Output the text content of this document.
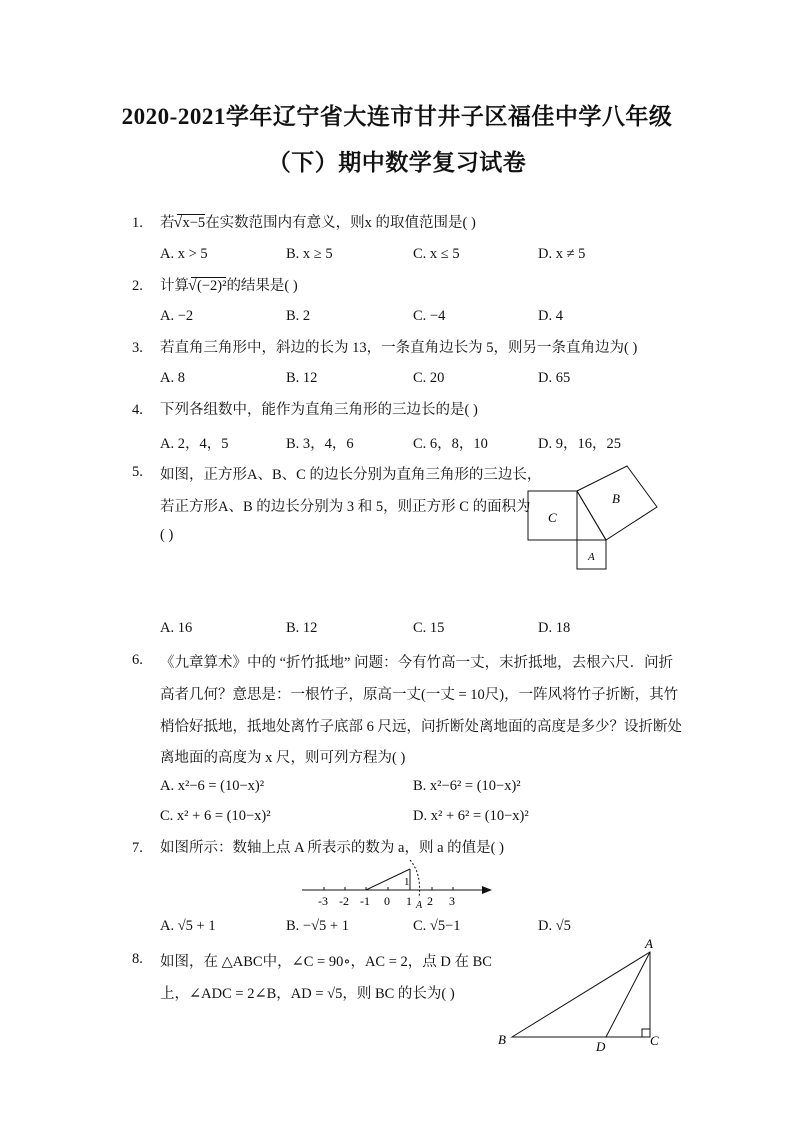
2020-2021学年辽宁省大连市甘井子区福佳中学八年级
（下）期中数学复习试卷
1. 若 √ x−5在实数范围内有意义，则x 的取值范围是( )
A. x > 5	B. x ≥ 5	C. x ≤ 5	D. x ≠ 5
2. 计算 √ (−2)²的结果是( )
A. −2	B. 2	C. −4	D. 4
3. 若直角三角形中，斜边的长为 13，一条直角边长为 5，则另一条直角边为( )
A. 8	B. 12	C. 20	D. 65
4. 下列各组数中，能作为直角三角形的三边长的是( )
A. 2，4，5	B. 3，4，6	C. 6，8，10	D. 9，16，25
5. 如图，正方形A、B、C 的边长分别为直角三角形的三边长，
若正方形A、B 的边长分别为 3 和 5，则正方形 C 的面积为
( )
C
B
A
A. 16	B. 12	C. 15	D. 18
6. 《九章算术》中的 “折竹抵地” 问题：今有竹高一丈，末折抵地，去根六尺．问折
高者几何？意思是：一根竹子，原高一丈(一丈 = 10尺)，一阵风将竹子折断，其竹
梢恰好抵地，抵地处离竹子底部 6 尺远，问折断处离地面的高度是多少？设折断处
离地面的高度为 x 尺，则可列方程为( )
A. x²−6 = (10−x)²	B. x²−6² = (10−x)²
C. x² + 6 = (10−x)²	D. x² + 6² = (10−x)²
7. 如图所示：数轴上点 A 所表示的数为 a，则 a 的值是( )
-3 -2 -1 0 1 2 3
1
A
A. √5 + 1	B. −√5 + 1	C. √5−1	D. √5
8. 如图，在 △ABC中，∠C = 90∘，AC = 2，点 D 在 BC
上，∠ADC = 2∠B，AD = √5，则 BC 的长为( )
A
B	D	C
